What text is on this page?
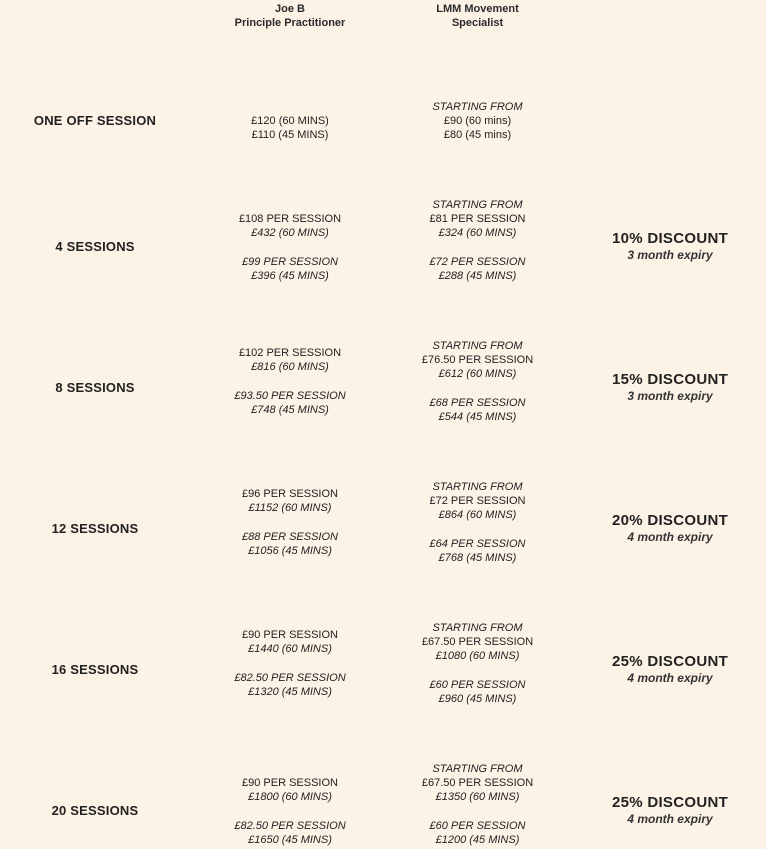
Joe B
Principle Practitioner
LMM Movement
Specialist
ONE OFF SESSION	£120 (60 MINS)
£110 (45 MINS)
STARTING FROM
£90 (60 mins)
£80 (45 mins)
4 SESSIONS
£108 PER SESSION
£432 (60 MINS)
£99 PER SESSION
£396 (45 MINS)
STARTING FROM
£81 PER SESSION
£324 (60 MINS)
£72 PER SESSION
£288 (45 MINS)
10% DISCOUNT
3 month expiry
8 SESSIONS
£102 PER SESSION
£816 (60 MINS)
£93.50 PER SESSION
£748 (45 MINS)
STARTING FROM
£76.50 PER SESSION
£612 (60 MINS)
£68 PER SESSION
£544 (45 MINS)
15% DISCOUNT
3 month expiry
12 SESSIONS
£96 PER SESSION
£1152 (60 MINS)
£88 PER SESSION
£1056 (45 MINS)
STARTING FROM
£72 PER SESSION
£864 (60 MINS)
£64 PER SESSION
£768 (45 MINS)
20% DISCOUNT
4 month expiry
16 SESSIONS
£90 PER SESSION
£1440 (60 MINS)
£82.50 PER SESSION
£1320 (45 MINS)
STARTING FROM
£67.50 PER SESSION
£1080 (60 MINS)
£60 PER SESSION
£960 (45 MINS)
25% DISCOUNT
4 month expiry
20 SESSIONS
£90 PER SESSION
£1800 (60 MINS)
£82.50 PER SESSION
£1650 (45 MINS)
STARTING FROM
£67.50 PER SESSION
£1350 (60 MINS)
£60 PER SESSION
£1200 (45 MINS)
25% DISCOUNT
4 month expiry
